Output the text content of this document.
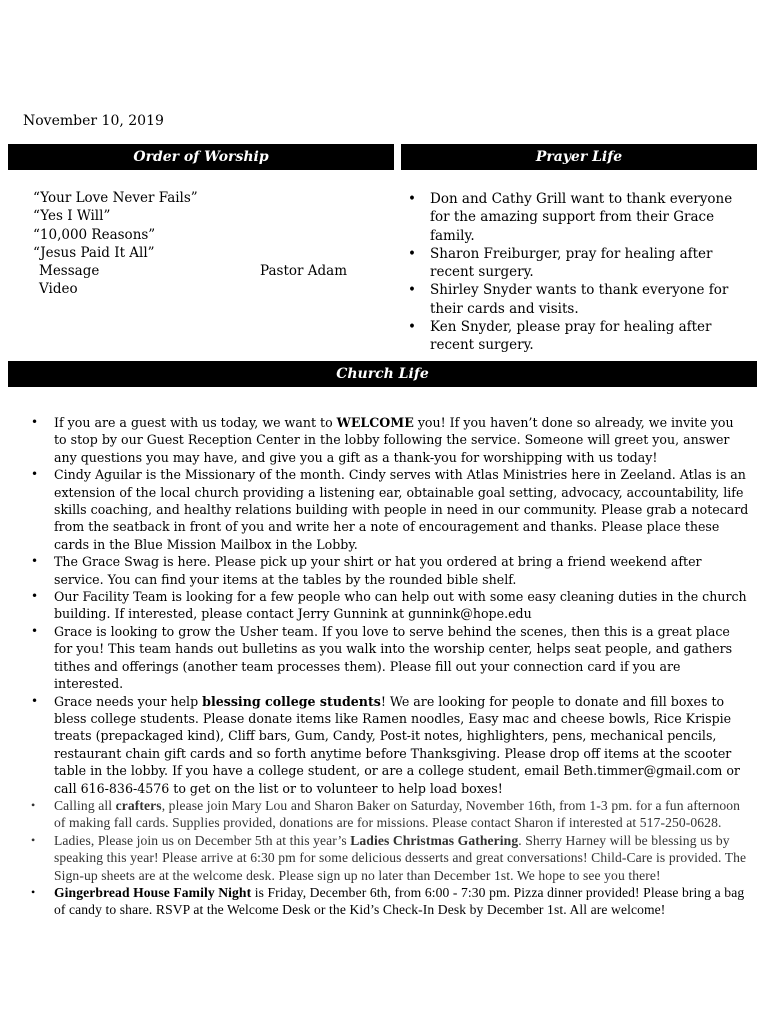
November 10, 2019
Order of Worship	Prayer Life
“Your Love Never Fails”
“Yes I Will”
“10,000 Reasons”
“Jesus Paid It All”
Message	Pastor Adam
Video
• Don and Cathy Grill want to thank everyone for the amazing support from their Grace family.
• Sharon Freiburger, pray for healing after recent surgery.
• Shirley Snyder wants to thank everyone for their cards and visits.
• Ken Snyder, please pray for healing after recent surgery.
Church Life
• If you are a guest with us today, we want to WELCOME you! If you haven’t done so already, we invite you to stop by our Guest Reception Center in the lobby following the service. Someone will greet you, answer any questions you may have, and give you a gift as a thank-you for worshipping with us today!
• Cindy Aguilar is the Missionary of the month. Cindy serves with Atlas Ministries here in Zeeland. Atlas is an extension of the local church providing a listening ear, obtainable goal setting, advocacy, accountability, life skills coaching, and healthy relations building with people in need in our community. Please grab a notecard from the seatback in front of you and write her a note of encouragement and thanks. Please place these cards in the Blue Mission Mailbox in the Lobby.
• The Grace Swag is here. Please pick up your shirt or hat you ordered at bring a friend weekend after service. You can find your items at the tables by the rounded bible shelf.
• Our Facility Team is looking for a few people who can help out with some easy cleaning duties in the church building. If interested, please contact Jerry Gunnink at gunnink@hope.edu
• Grace is looking to grow the Usher team. If you love to serve behind the scenes, then this is a great place for you! This team hands out bulletins as you walk into the worship center, helps seat people, and gathers tithes and offerings (another team processes them). Please fill out your connection card if you are interested.
• Grace needs your help blessing college students! We are looking for people to donate and fill boxes to bless college students. Please donate items like Ramen noodles, Easy mac and cheese bowls, Rice Krispie treats (prepackaged kind), Cliff bars, Gum, Candy, Post-it notes, highlighters, pens, mechanical pencils, restaurant chain gift cards and so forth anytime before Thanksgiving. Please drop off items at the scooter table in the lobby. If you have a college student, or are a college student, email Beth.timmer@gmail.com or call 616-836-4576 to get on the list or to volunteer to help load boxes!
• Calling all crafters, please join Mary Lou and Sharon Baker on Saturday, November 16th, from 1-3 pm. for a fun afternoon of making fall cards. Supplies provided, donations are for missions. Please contact Sharon if interested at 517-250-0628.
• Ladies, Please join us on December 5th at this year’s Ladies Christmas Gathering. Sherry Harney will be blessing us by speaking this year! Please arrive at 6:30 pm for some delicious desserts and great conversations! Child-Care is provided. The Sign-up sheets are at the welcome desk. Please sign up no later than December 1st. We hope to see you there!
• Gingerbread House Family Night is Friday, December 6th, from 6:00 - 7:30 pm. Pizza dinner provided! Please bring a bag of candy to share. RSVP at the Welcome Desk or the Kid’s Check-In Desk by December 1st. All are welcome!
